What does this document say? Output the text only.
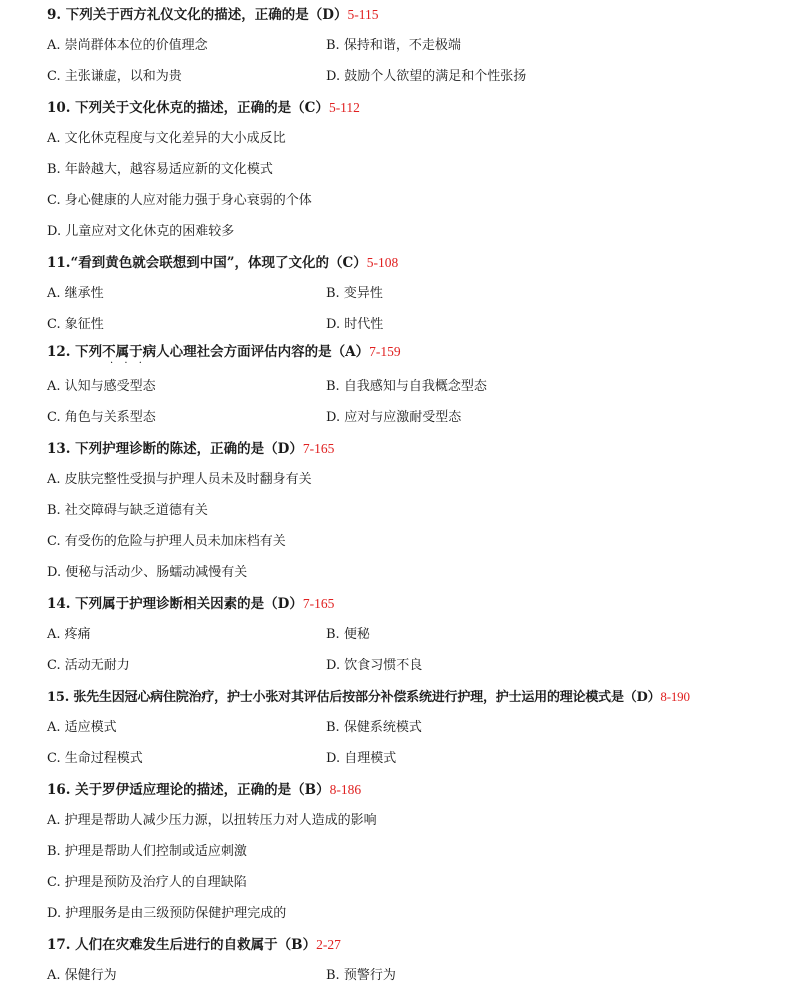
9. 下列关于西方礼仪文化的描述，正确的是（D）5-115
A. 崇尚群体本位的价值理念	B. 保持和谐，不走极端
C. 主张谦虚，以和为贵	D. 鼓励个人欲望的满足和个性张扬
10. 下列关于文化休克的描述，正确的是（C）5-112
A. 文化休克程度与文化差异的大小成反比
B. 年龄越大，越容易适应新的文化模式
C. 身心健康的人应对能力强于身心衰弱的个体
D. 儿童应对文化休克的困难较多
11.“看到黄色就会联想到中国”，体现了文化的（C）5-108
A. 继承性	B. 变异性
C. 象征性	D. 时代性
12. 下列不属于病人心理社会方面评估内容的是（A）7-159
· · ·
A. 认知与感受型态	B. 自我感知与自我概念型态
C. 角色与关系型态	D. 应对与应激耐受型态
13. 下列护理诊断的陈述，正确的是（D）7-165
A. 皮肤完整性受损与护理人员未及时翻身有关
B. 社交障碍与缺乏道德有关
C. 有受伤的危险与护理人员未加床档有关
D. 便秘与活动少、肠蠕动减慢有关
14. 下列属于护理诊断相关因素的是（D）7-165
A. 疼痛	B. 便秘
C. 活动无耐力	D. 饮食习惯不良
15. 张先生因冠心病住院治疗，护士小张对其评估后按部分补偿系统进行护理，护士运用的理论模式是（D）8-190
A. 适应模式	B. 保健系统模式
C. 生命过程模式	D. 自理模式
16. 关于罗伊适应理论的描述，正确的是（B）8-186
A. 护理是帮助人减少压力源，以扭转压力对人造成的影响
B. 护理是帮助人们控制或适应刺激
C. 护理是预防及治疗人的自理缺陷
D. 护理服务是由三级预防保健护理完成的
17. 人们在灾难发生后进行的自救属于（B）2-27
A. 保健行为	B. 预警行为
